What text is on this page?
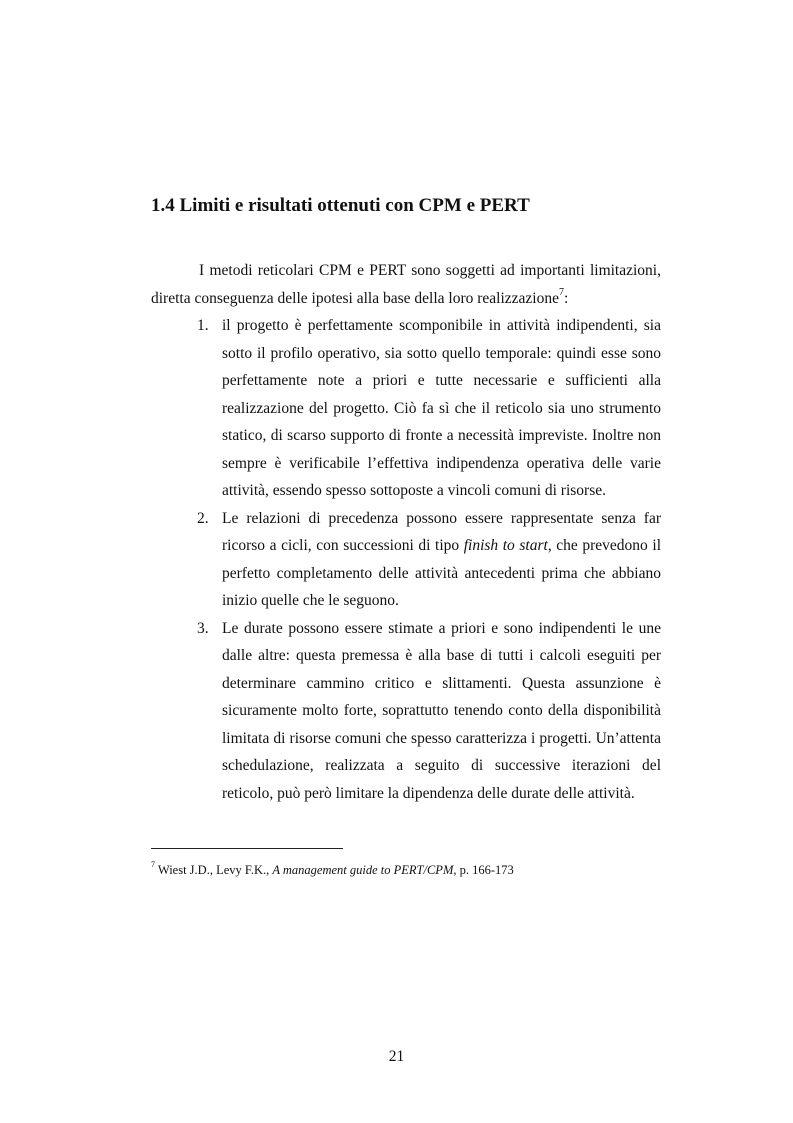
1.4 Limiti e risultati ottenuti con CPM e PERT

I metodi reticolari CPM e PERT sono soggetti ad importanti limitazioni, diretta conseguenza delle ipotesi alla base della loro realizzazione$^7$:

1. il progetto è perfettamente scomponibile in attività indipendenti, sia sotto il profilo operativo, sia sotto quello temporale: quindi esse sono perfettamente note a priori e tutte necessarie e sufficienti alla realizzazione del progetto. Ciò fa sì che il reticolo sia uno strumento statico, di scarso supporto di fronte a necessità impreviste. Inoltre non sempre è verificabile l’effettiva indipendenza operativa delle varie attività, essendo spesso sottoposte a vincoli comuni di risorse.
2. Le relazioni di precedenza possono essere rappresentate senza far ricorso a cicli, con successioni di tipo finish to start, che prevedono il perfetto completamento delle attività antecedenti prima che abbiano inizio quelle che le seguono.
3. Le durate possono essere stimate a priori e sono indipendenti le une dalle altre: questa premessa è alla base di tutti i calcoli eseguiti per determinare cammino critico e slittamenti. Questa assunzione è sicuramente molto forte, soprattutto tenendo conto della disponibilità limitata di risorse comuni che spesso caratterizza i progetti. Un’attenta schedulazione, realizzata a seguito di successive iterazioni del reticolo, può però limitare la dipendenza delle durate delle attività.

$^7$ Wiest J.D., Levy F.K., A management guide to PERT/CPM, p. 166-173

21
